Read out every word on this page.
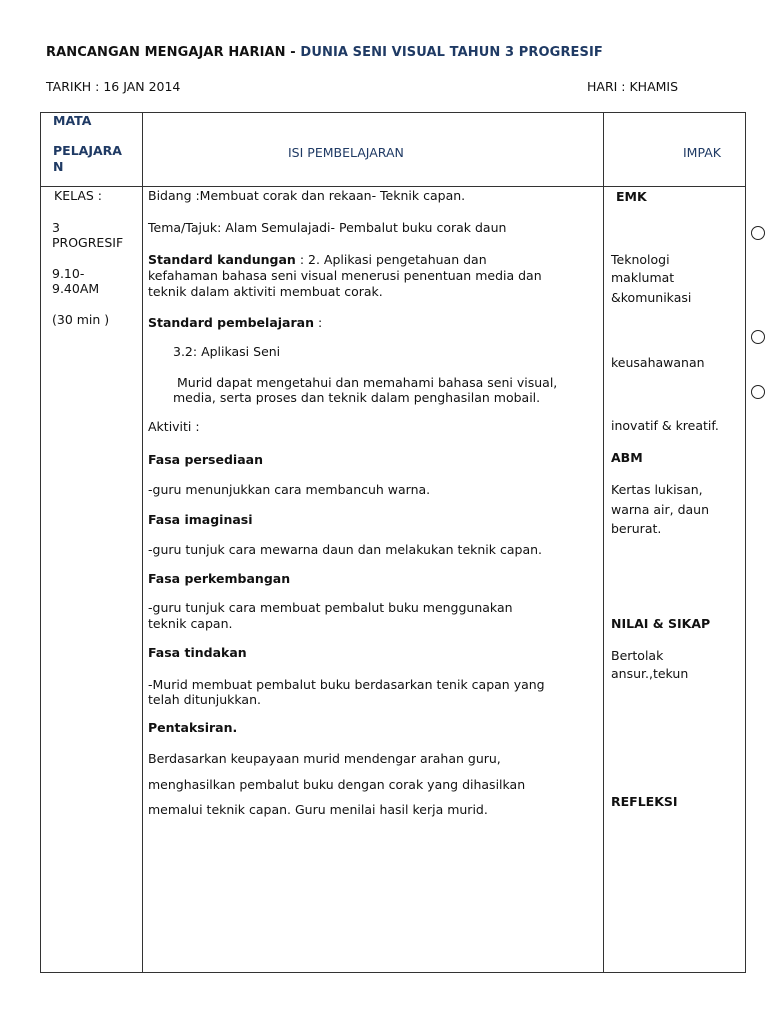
RANCANGAN MENGAJAR HARIAN - DUNIA SENI VISUAL TAHUN 3 PROGRESIF
TARIKH : 16 JAN 2014	HARI : KHAMIS
MATA
PELAJARA
N
ISI PEMBELAJARAN	IMPAK
KELAS :
3
PROGRESIF
9.10-
9.40AM
(30 min )
Bidang :Membuat corak dan rekaan- Teknik capan.
Tema/Tajuk: Alam Semulajadi- Pembalut buku corak daun
Standard kandungan : 2. Aplikasi pengetahuan dan
kefahaman bahasa seni visual menerusi penentuan media dan
teknik dalam aktiviti membuat corak.
Standard pembelajaran :
3.2: Aplikasi Seni
Murid dapat mengetahui dan memahami bahasa seni visual,
media, serta proses dan teknik dalam penghasilan mobail.
Aktiviti :
Fasa persediaan
-guru menunjukkan cara membancuh warna.
Fasa imaginasi
-guru tunjuk cara mewarna daun dan melakukan teknik capan.
Fasa perkembangan
-guru tunjuk cara membuat pembalut buku menggunakan
teknik capan.
Fasa tindakan
-Murid membuat pembalut buku berdasarkan tenik capan yang
telah ditunjukkan.
Pentaksiran.
Berdasarkan keupayaan murid mendengar arahan guru,
menghasilkan pembalut buku dengan corak yang dihasilkan
memalui teknik capan. Guru menilai hasil kerja murid.
EMK
Teknologi
maklumat
&komunikasi
keusahawanan
inovatif & kreatif.
ABM
Kertas lukisan,
warna air, daun
berurat.
NILAI & SIKAP
Bertolak
ansur.,tekun
REFLEKSI
